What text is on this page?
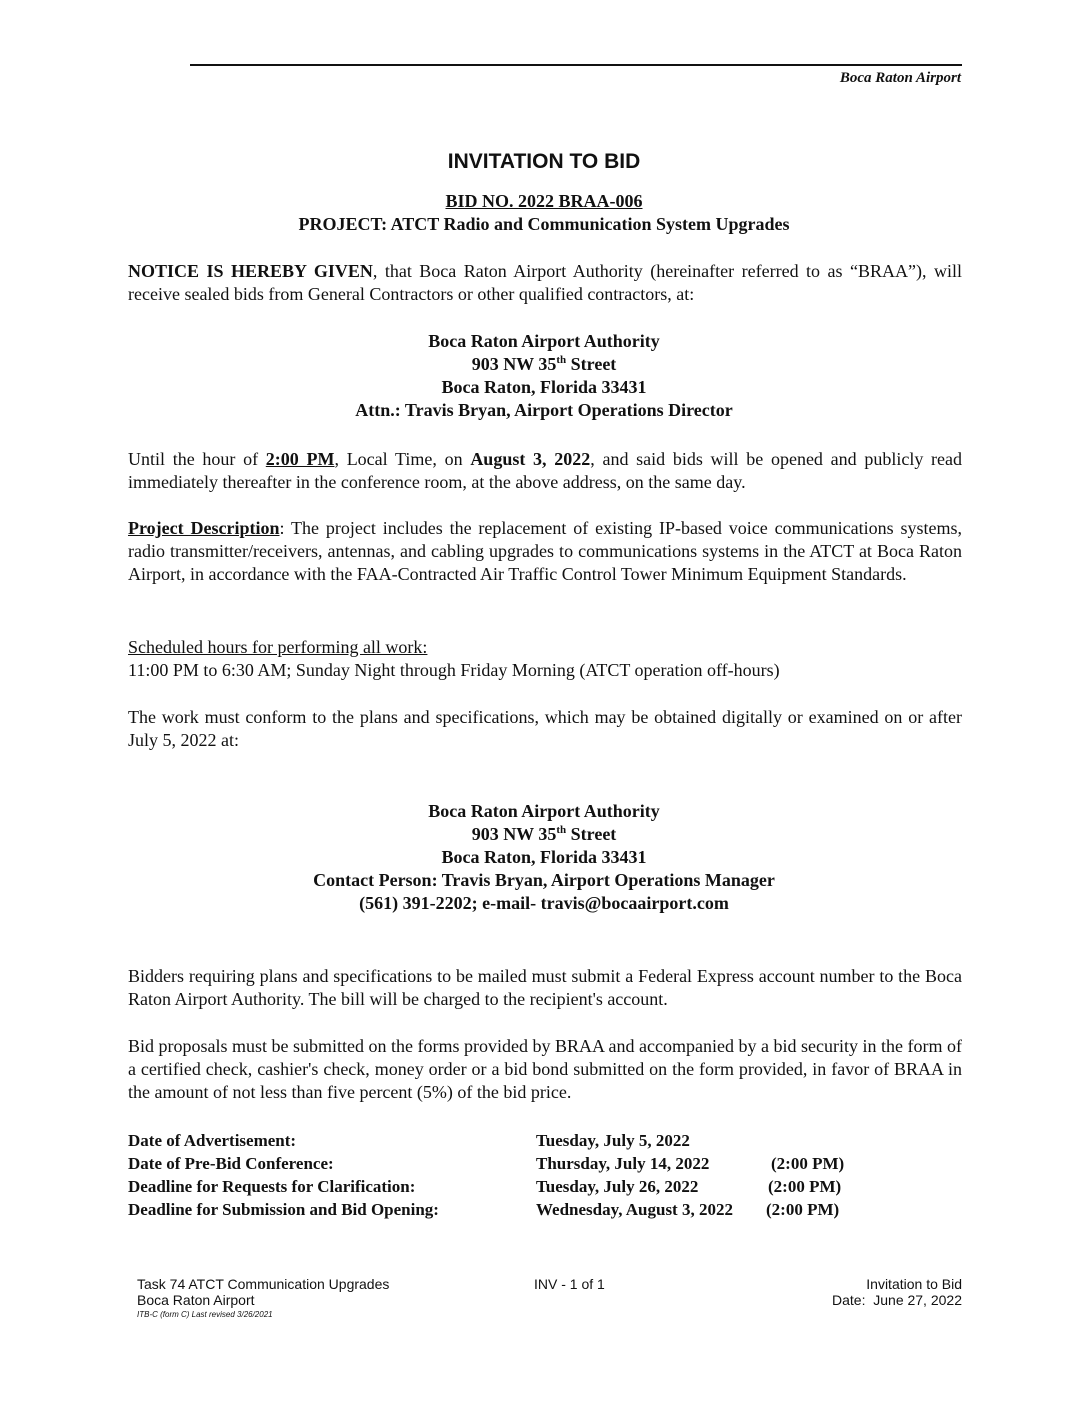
Boca Raton Airport
INVITATION TO BID
BID NO. 2022 BRAA-006
PROJECT: ATCT Radio and Communication System Upgrades

NOTICE IS HEREBY GIVEN, that Boca Raton Airport Authority (hereinafter referred to as “BRAA”), will receive sealed bids from General Contractors or other qualified contractors, at:

Boca Raton Airport Authority
903 NW 35th Street
Boca Raton, Florida 33431
Attn.: Travis Bryan, Airport Operations Director

Until the hour of 2:00 PM, Local Time, on August 3, 2022, and said bids will be opened and publicly read immediately thereafter in the conference room, at the above address, on the same day.

Project Description: The project includes the replacement of existing IP-based voice communications systems, radio transmitter/receivers, antennas, and cabling upgrades to communications systems in the ATCT at Boca Raton Airport, in accordance with the FAA-Contracted Air Traffic Control Tower Minimum Equipment Standards.

Scheduled hours for performing all work:

11:00 PM to 6:30 AM; Sunday Night through Friday Morning (ATCT operation off-hours)

The work must conform to the plans and specifications, which may be obtained digitally or examined on or after July 5, 2022 at:

Boca Raton Airport Authority
903 NW 35th Street
Boca Raton, Florida 33431
Contact Person: Travis Bryan, Airport Operations Manager
(561) 391-2202; e-mail- travis@bocaairport.com

Bidders requiring plans and specifications to be mailed must submit a Federal Express account number to the Boca Raton Airport Authority. The bill will be charged to the recipient's account.

Bid proposals must be submitted on the forms provided by BRAA and accompanied by a bid security in the form of a certified check, cashier's check, money order or a bid bond submitted on the form provided, in favor of BRAA in the amount of not less than five percent (5%) of the bid price.

Date of Advertisement:	Tuesday, July 5, 2022
Date of Pre-Bid Conference:	Thursday, July 14, 2022	(2:00 PM)
Deadline for Requests for Clarification:	Tuesday, July 26, 2022	(2:00 PM)
Deadline for Submission and Bid Opening:	Wednesday, August 3, 2022 (2:00 PM)
Task 74 ATCT Communication Upgrades
Boca Raton Airport
ITB-C (form C) Last revised 3/26/2021
INV - 1 of 1	Invitation to Bid
Date:  June 27, 2022
